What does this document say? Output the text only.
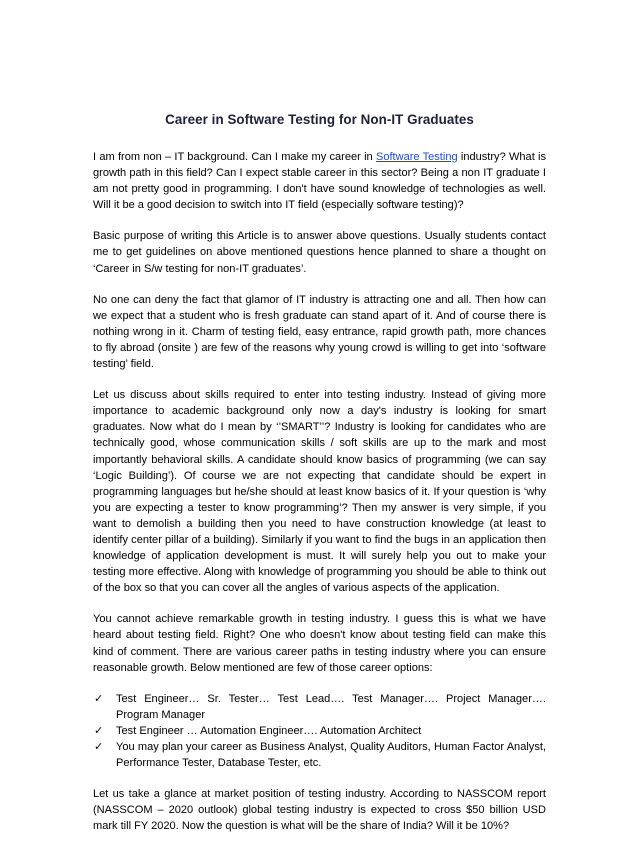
Career in Software Testing for Non-IT Graduates

I am from non – IT background. Can I make my career in Software Testing industry? What is growth path in this field? Can I expect stable career in this sector? Being a non IT graduate I am not pretty good in programming. I don't have sound knowledge of technologies as well. Will it be a good decision to switch into IT field (especially software testing)?

Basic purpose of writing this Article is to answer above questions. Usually students contact me to get guidelines on above mentioned questions hence planned to share a thought on ‘Career in S/w testing for non-IT graduates’.

No one can deny the fact that glamor of IT industry is attracting one and all. Then how can we expect that a student who is fresh graduate can stand apart of it. And of course there is nothing wrong in it. Charm of testing field, easy entrance, rapid growth path, more chances to fly abroad (onsite ) are few of the reasons why young crowd is willing to get into ‘software testing’ field.

Let us discuss about skills required to enter into testing industry. Instead of giving more importance to academic background only now a day's industry is looking for smart graduates. Now what do I mean by ‘’SMART’’? Industry is looking for candidates who are technically good, whose communication skills / soft skills are up to the mark and most importantly behavioral skills. A candidate should know basics of programming (we can say ‘Logic Building’). Of course we are not expecting that candidate should be expert in programming languages but he/she should at least know basics of it. If your question is ‘why you are expecting a tester to know programming’? Then my answer is very simple, if you want to demolish a building then you need to have construction knowledge (at least to identify center pillar of a building). Similarly if you want to find the bugs in an application then knowledge of application development is must. It will surely help you out to make your testing more effective. Along with knowledge of programming you should be able to think out of the box so that you can cover all the angles of various aspects of the application.

You cannot achieve remarkable growth in testing industry. I guess this is what we have heard about testing field. Right? One who doesn't know about testing field can make this kind of comment. There are various career paths in testing industry where you can ensure reasonable growth. Below mentioned are few of those career options:

✓ Test Engineer… Sr. Tester… Test Lead…. Test Manager…. Project Manager…. Program Manager
✓ Test Engineer … Automation Engineer…. Automation Architect
✓ You may plan your career as Business Analyst, Quality Auditors, Human Factor Analyst, Performance Tester, Database Tester, etc.

Let us take a glance at market position of testing industry. According to NASSCOM report (NASSCOM – 2020 outlook) global testing industry is expected to cross $50 billion USD mark till FY 2020. Now the question is what will be the share of India? Will it be 10%?
